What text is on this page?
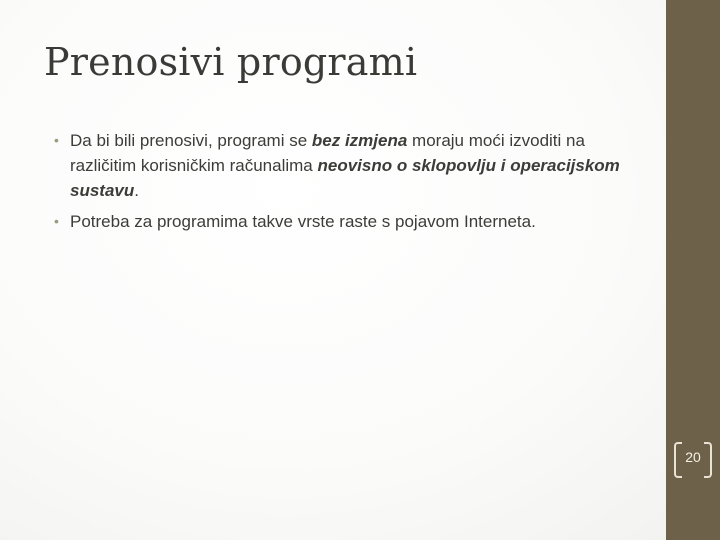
Prenosivi programi
• Da bi bili prenosivi, programi se bez izmjena moraju moći izvoditi na različitim korisničkim računalima neovisno o sklopovlju i operacijskom sustavu.
• Potreba za programima takve vrste raste s pojavom Interneta.
20
